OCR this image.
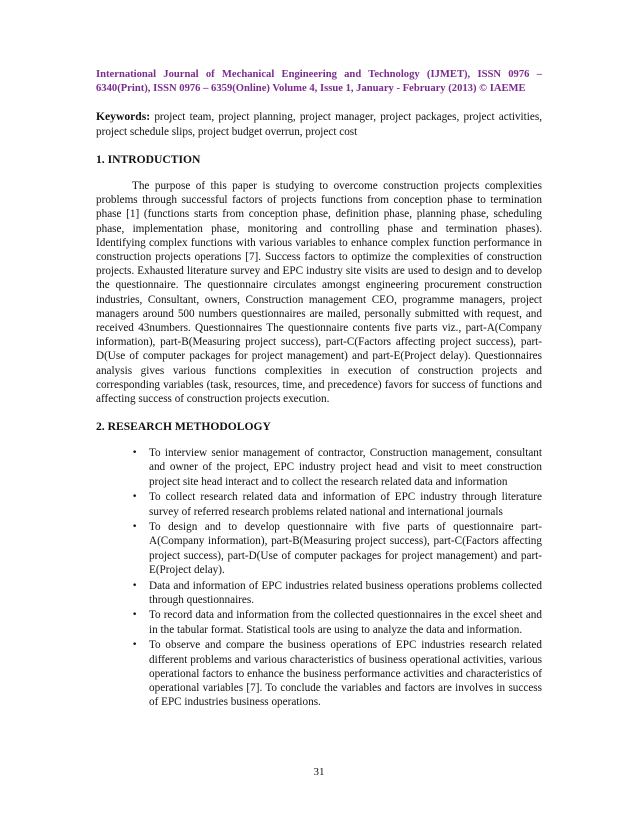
International Journal of Mechanical Engineering and Technology (IJMET), ISSN 0976 – 6340(Print), ISSN 0976 – 6359(Online) Volume 4, Issue 1, January - February (2013) © IAEME
Keywords: project team, project planning, project manager, project packages, project activities, project schedule slips, project budget overrun, project cost
1. INTRODUCTION

The purpose of this paper is studying to overcome construction projects complexities problems through successful factors of projects functions from conception phase to termination phase [1] (functions starts from conception phase, definition phase, planning phase, scheduling phase, implementation phase, monitoring and controlling phase and termination phases). Identifying complex functions with various variables to enhance complex function performance in construction projects operations [7]. Success factors to optimize the complexities of construction projects. Exhausted literature survey and EPC industry site visits are used to design and to develop the questionnaire. The questionnaire circulates amongst engineering procurement construction industries, Consultant, owners, Construction management CEO, programme managers, project managers around 500 numbers questionnaires are mailed, personally submitted with request, and received 43numbers. Questionnaires The questionnaire contents five parts viz., part-A(Company information), part-B(Measuring project success), part-C(Factors affecting project success), part-D(Use of computer packages for project management) and part-E(Project delay). Questionnaires analysis gives various functions complexities in execution of construction projects and corresponding variables (task, resources, time, and precedence) favors for success of functions and affecting success of construction projects execution.

2. RESEARCH METHODOLOGY
• To interview senior management of contractor, Construction management, consultant and owner of the project, EPC industry project head and visit to meet construction project site head interact and to collect the research related data and information
• To collect research related data and information of EPC industry through literature survey of referred research problems related national and international journals
• To design and to develop questionnaire with five parts of questionnaire part-A(Company information), part-B(Measuring project success), part-C(Factors affecting project success), part-D(Use of computer packages for project management) and part-E(Project delay).
• Data and information of EPC industries related business operations problems collected through questionnaires.
• To record data and information from the collected questionnaires in the excel sheet and in the tabular format. Statistical tools are using to analyze the data and information.
• To observe and compare the business operations of EPC industries research related different problems and various characteristics of business operational activities, various operational factors to enhance the business performance activities and characteristics of operational variables [7]. To conclude the variables and factors are involves in success of EPC industries business operations.
31
